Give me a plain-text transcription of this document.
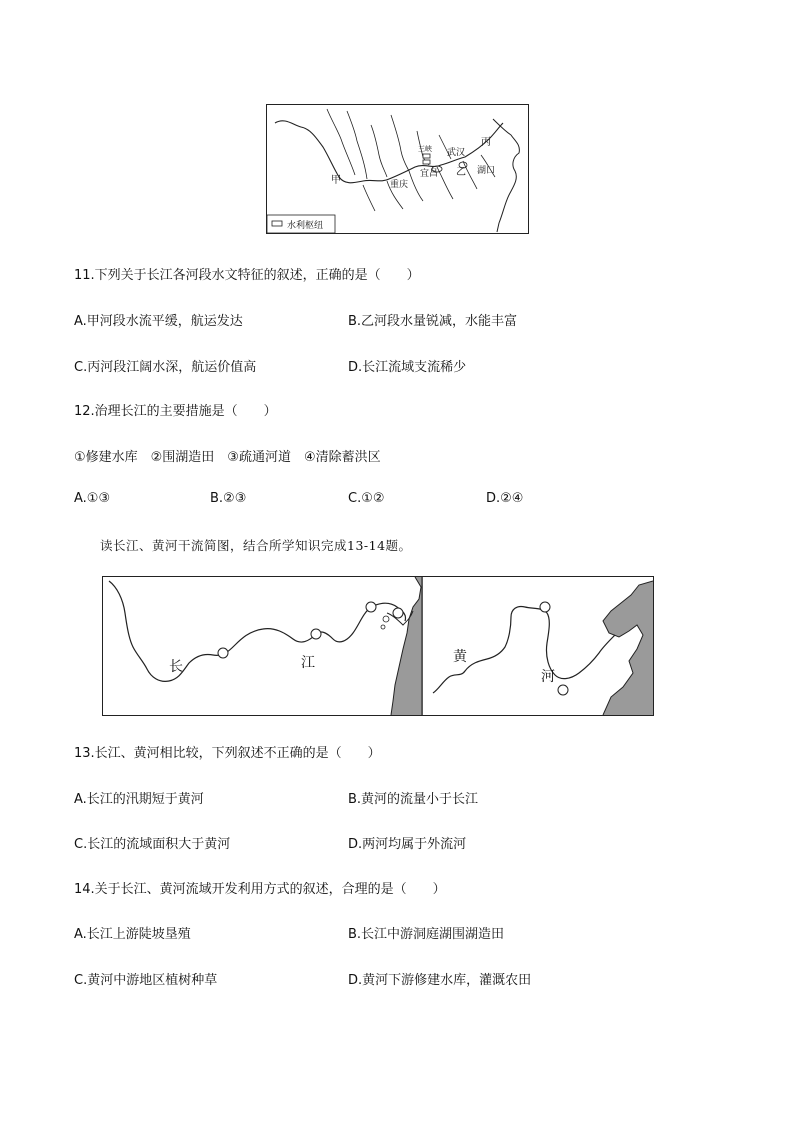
甲	重庆
三峡
宜昌
武汉
乙 湖口
丙
水利枢纽
11.下列关于长江各河段水文特征的叙述，正确的是（　　）
A.甲河段水流平缓，航运发达	B.乙河段水量锐减，水能丰富
C.丙河段江阔水深，航运价值高	D.长江流域支流稀少
12.治理长江的主要措施是（　　）
①修建水库　②围湖造田　③疏通河道　④清除蓄洪区
A.①③	B.②③	C.①②	D.②④
读长江、黄河干流简图，结合所学知识完成13-14题。
长	江	黄
河
13.长江、黄河相比较，下列叙述不正确的是（　　）
A.长江的汛期短于黄河	B.黄河的流量小于长江
C.长江的流域面积大于黄河	D.两河均属于外流河
14.关于长江、黄河流域开发利用方式的叙述，合理的是（　　）
A.长江上游陡坡垦殖	B.长江中游洞庭湖围湖造田
C.黄河中游地区植树种草	D.黄河下游修建水库，灌溉农田
